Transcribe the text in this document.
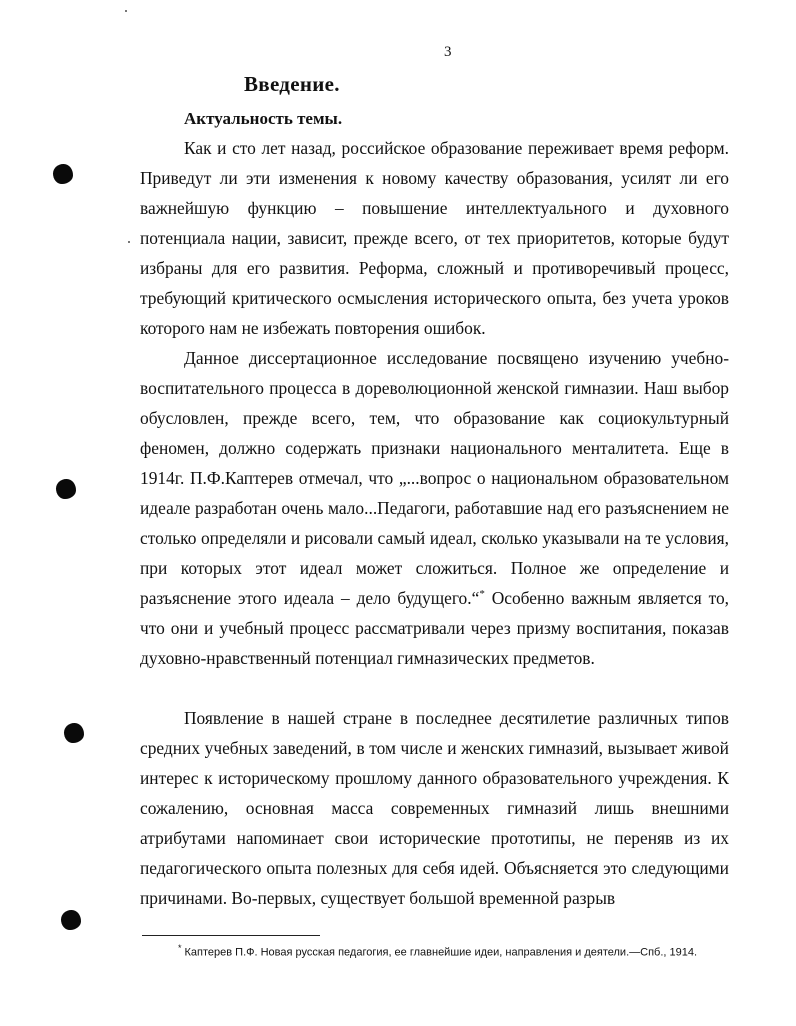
3
Введение.
Актуальность темы.

Как и сто лет назад, российское образование переживает время реформ. Приведут ли эти изменения к новому качеству образования, усилят ли его важнейшую функцию – повышение интеллектуального и духовного потенциала нации, зависит, прежде всего, от тех приоритетов, которые будут избраны для его развития. Реформа, сложный и противоречивый процесс, требующий критического осмысления исторического опыта, без учета уроков которого нам не избежать повторения ошибок.

Данное диссертационное исследование посвящено изучению учебно-воспитательного процесса в дореволюционной женской гимназии. Наш выбор обусловлен, прежде всего, тем, что образование как социокультурный феномен, должно содержать признаки национального менталитета. Еще в 1914г. П.Ф.Каптерев отмечал, что „...вопрос о национальном образовательном идеале разработан очень мало...Педагоги, работавшие над его разъяснением не столько определяли и рисовали самый идеал, сколько указывали на те условия, при которых этот идеал может сложиться. Полное же определение и разъяснение этого идеала – дело будущего.“* Особенно важным является то, что они и учебный процесс рассматривали через призму воспитания, показав духовно-нравственный потенциал гимназических предметов.

Появление в нашей стране в последнее десятилетие различных типов средних учебных заведений, в том числе и женских гимназий, вызывает живой интерес к историческому прошлому данного образовательного учреждения. К сожалению, основная масса современных гимназий лишь внешними атрибутами напоминает свои исторические прототипы, не переняв из их педагогического опыта полезных для себя идей. Объясняется это следующими причинами. Во-первых, существует большой временной разрыв

* Каптерев П.Ф. Новая русская педагогия, ее главнейшие идеи, направления и деятели.—Спб., 1914.
